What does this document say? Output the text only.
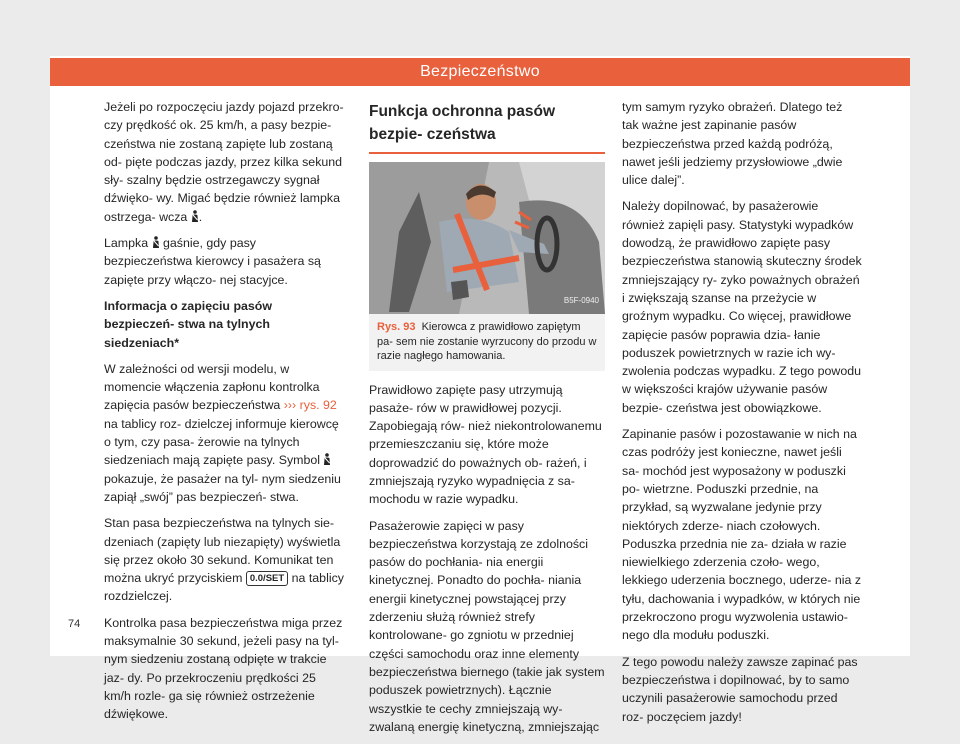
Bezpieczeństwo

Jeżeli po rozpoczęciu jazdy pojazd przekro- czy prędkość ok. 25 km/h, a pasy bezpie- czeństwa nie zostaną zapięte lub zostaną od- pięte podczas jazdy, przez kilka sekund sły- szalny będzie ostrzegawczy sygnał dźwięko- wy. Migać będzie również lampka ostrzega- wcza .

Lampka gaśnie, gdy pasy bezpieczeństwa kierowcy i pasażera są zapięte przy włączo- nej stacyjce.

Informacja o zapięciu pasów bezpieczeń- stwa na tylnych siedzeniach*

W zależności od wersji modelu, w momencie włączenia zapłonu kontrolka zapięcia pasów bezpieczeństwa ››› rys. 92 na tablicy roz- dzielczej informuje kierowcę o tym, czy pasa- żerowie na tylnych siedzeniach mają zapięte pasy. Symbol  pokazuje, że pasażer na tyl- nym siedzeniu zapiął „swój” pas bezpieczeń- stwa.

Stan pasa bezpieczeństwa na tylnych sie- dzeniach (zapięty lub niezapięty) wyświetla się przez około 30 sekund. Komunikat ten można ukryć przyciskiem 0.0/SET na tablicy rozdzielczej.

Kontrolka pasa bezpieczeństwa miga przez maksymalnie 30 sekund, jeżeli pasy na tyl- nym siedzeniu zostaną odpięte w trakcie jaz- dy. Po przekroczeniu prędkości 25 km/h rozle- ga się również ostrzeżenie dźwiękowe.

Funkcja ochronna pasów bezpie- czeństwa
B5F-0940
Rys. 93 Kierowca z prawidłowo zapiętym pa- sem nie zostanie wyrzucony do przodu w razie nagłego hamowania.

Prawidłowo zapięte pasy utrzymują pasaże- rów w prawidłowej pozycji. Zapobiegają rów- nież niekontrolowanemu przemieszczaniu się, które może doprowadzić do poważnych ob- rażeń, i zmniejszają ryzyko wypadnięcia z sa- mochodu w razie wypadku.

Pasażerowie zapięci w pasy bezpieczeństwa korzystają ze zdolności pasów do pochłania- nia energii kinetycznej. Ponadto do pochła- niania energii kinetycznej powstającej przy zderzeniu służą również strefy kontrolowane- go zgniotu w przedniej części samochodu oraz inne elementy bezpieczeństwa biernego (takie jak system poduszek powietrznych). Łącznie wszystkie te cechy zmniejszają wy- zwalaną energię kinetyczną, zmniejszając

tym samym ryzyko obrażeń. Dlatego też tak ważne jest zapinanie pasów bezpieczeństwa przed każdą podróżą, nawet jeśli jedziemy przysłowiowe „dwie ulice dalej”.

Należy dopilnować, by pasażerowie również zapięli pasy. Statystyki wypadków dowodzą, że prawidłowo zapięte pasy bezpieczeństwa stanowią skuteczny środek zmniejszający ry- zyko poważnych obrażeń i zwiększają szanse na przeżycie w groźnym wypadku. Co więcej, prawidłowe zapięcie pasów poprawia dzia- łanie poduszek powietrznych w razie ich wy- zwolenia podczas wypadku. Z tego powodu w większości krajów używanie pasów bezpie- czeństwa jest obowiązkowe.

Zapinanie pasów i pozostawanie w nich na czas podróży jest konieczne, nawet jeśli sa- mochód jest wyposażony w poduszki po- wietrzne. Poduszki przednie, na przykład, są wyzwalane jedynie przy niektórych zderze- niach czołowych. Poduszka przednia nie za- działa w razie niewielkiego zderzenia czoło- wego, lekkiego uderzenia bocznego, uderze- nia z tyłu, dachowania i wypadków, w których nie przekroczono progu wyzwolenia ustawio- nego dla modułu poduszki.

Z tego powodu należy zawsze zapinać pas bezpieczeństwa i dopilnować, by to samo uczynili pasażerowie samochodu przed roz- poczęciem jazdy!

74
